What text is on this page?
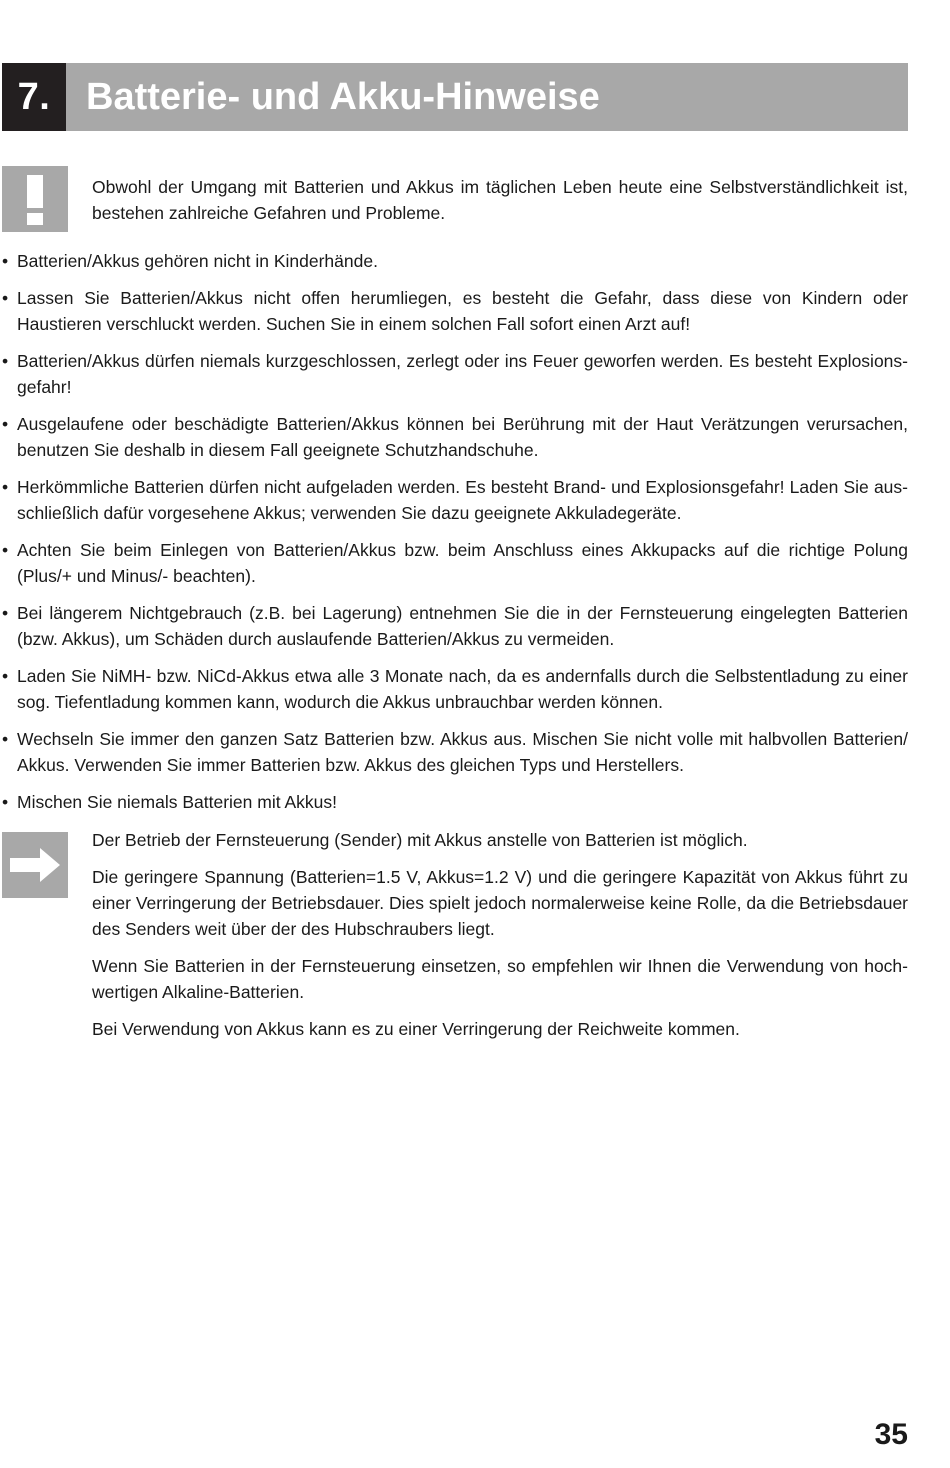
7. Batterie- und Akku-Hinweise

Obwohl der Umgang mit Batterien und Akkus im täglichen Leben heute eine Selbstverständlichkeit ist, bestehen zahlreiche Gefahren und Probleme.

• Batterien/Akkus gehören nicht in Kinderhände.
• Lassen Sie Batterien/Akkus nicht offen herumliegen, es besteht die Gefahr, dass diese von Kindern oder Haustieren verschluckt werden. Suchen Sie in einem solchen Fall sofort einen Arzt auf!
• Batterien/Akkus dürfen niemals kurzgeschlossen, zerlegt oder ins Feuer geworfen werden. Es besteht Explosionsgefahr!
• Ausgelaufene oder beschädigte Batterien/Akkus können bei Berührung mit der Haut Verätzungen verursachen, benutzen Sie deshalb in diesem Fall geeignete Schutzhandschuhe.
• Herkömmliche Batterien dürfen nicht aufgeladen werden. Es besteht Brand- und Explosionsgefahr! Laden Sie ausschließlich dafür vorgesehene Akkus; verwenden Sie dazu geeignete Akkuladegeräte.
• Achten Sie beim Einlegen von Batterien/Akkus bzw. beim Anschluss eines Akkupacks auf die richtige Polung (Plus/+ und Minus/- beachten).
• Bei längerem Nichtgebrauch (z.B. bei Lagerung) entnehmen Sie die in der Fernsteuerung eingelegten Batterien (bzw. Akkus), um Schäden durch auslaufende Batterien/Akkus zu vermeiden.
• Laden Sie NiMH- bzw. NiCd-Akkus etwa alle 3 Monate nach, da es andernfalls durch die Selbstentladung zu einer sog. Tiefentladung kommen kann, wodurch die Akkus unbrauchbar werden können.
• Wechseln Sie immer den ganzen Satz Batterien bzw. Akkus aus. Mischen Sie nicht volle mit halbvollen Batterien/ Akkus. Verwenden Sie immer Batterien bzw. Akkus des gleichen Typs und Herstellers.
• Mischen Sie niemals Batterien mit Akkus!

Der Betrieb der Fernsteuerung (Sender) mit Akkus anstelle von Batterien ist möglich.

Die geringere Spannung (Batterien=1.5 V, Akkus=1.2 V) und die geringere Kapazität von Akkus führt zu einer Verringerung der Betriebsdauer. Dies spielt jedoch normalerweise keine Rolle, da die Betriebsdauer des Senders weit über der des Hubschraubers liegt.

Wenn Sie Batterien in der Fernsteuerung einsetzen, so empfehlen wir Ihnen die Verwendung von hochwertigen Alkaline-Batterien.

Bei Verwendung von Akkus kann es zu einer Verringerung der Reichweite kommen.

35
